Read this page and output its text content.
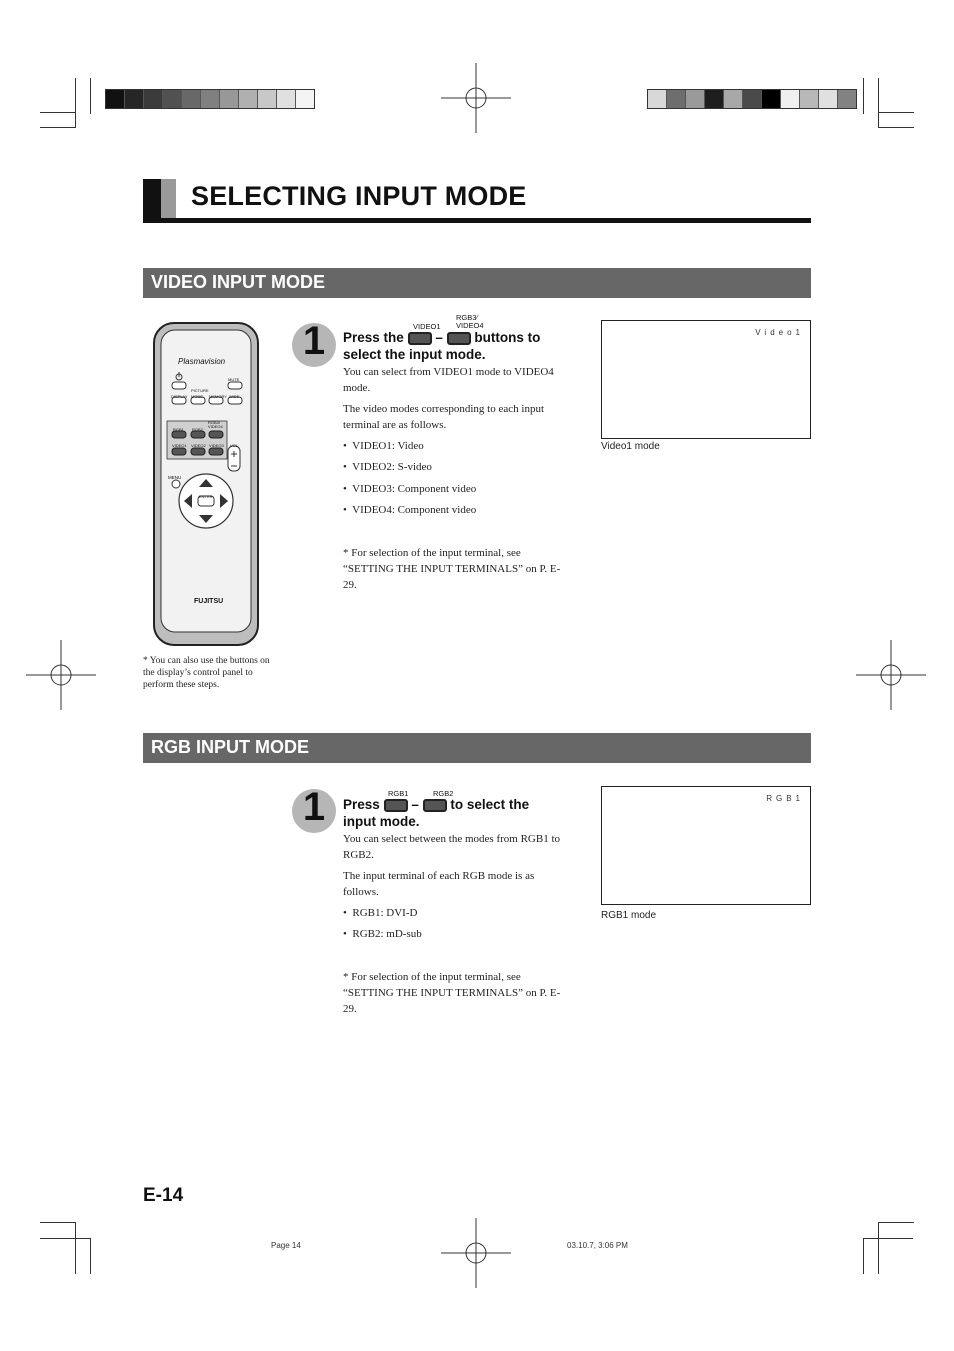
SELECTING INPUT MODE
VIDEO INPUT MODE
Plasmavision
MUTE
DISPLAY
PICTURE
MODE MEMORY WIDE
RGB1 RGB2
RGB3/ VIDEO4
VIDEO1 VIDEO2 VIDEO3 VOL
MENU
ENTER
FUJITSU
* You can also use the buttons on the display’s control panel to perform these steps.
1	VIDEO1
RGB3∕ VIDEO4
Press the – buttons to
select the input mode.
You can select from VIDEO1 mode to VIDEO4 mode.
The video modes corresponding to each input terminal are as follows.
•  VIDEO1: Video
•  VIDEO2: S-video
•  VIDEO3: Component video
•  VIDEO4: Component video
* For selection of the input terminal, see “SETTING THE INPUT TERMINALS” on P. E-29.
Video1
Video1 mode
RGB INPUT MODE
1	RGB1	RGB2
Press – to select the
input mode.
You can select between the modes from RGB1 to RGB2.
The input terminal of each RGB mode is as follows.
•  RGB1: DVI-D
•  RGB2: mD-sub
* For selection of the input terminal, see “SETTING THE INPUT TERMINALS” on P. E-29.
RGB1
RGB1 mode
E-14
Page 14	03.10.7, 3:06 PM
